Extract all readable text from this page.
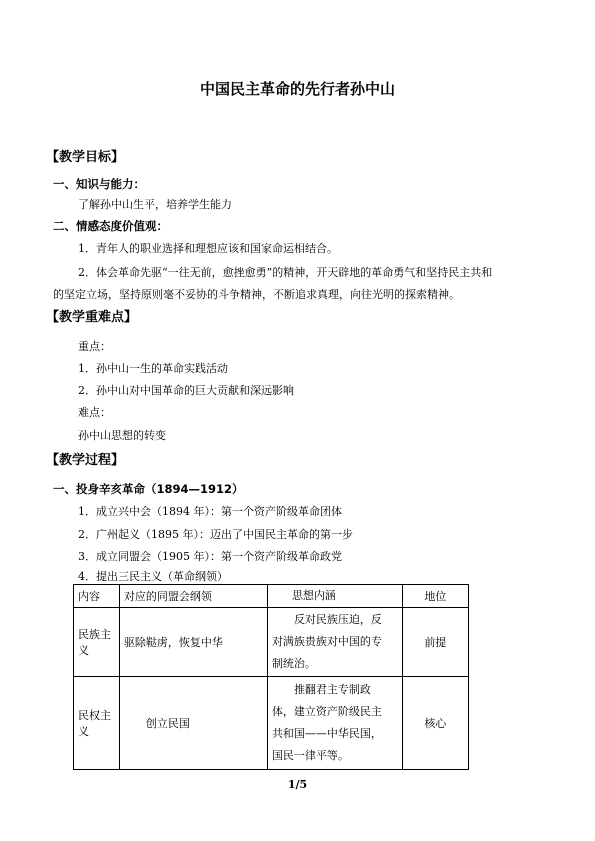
中国民主革命的先行者孙中山
【教学目标】
一、知识与能力：
了解孙中山生平，培养学生能力
二、情感态度价值观：
1．青年人的职业选择和理想应该和国家命运相结合。
2．体会革命先驱“一往无前，愈挫愈勇”的精神，开天辟地的革命勇气和坚持民主共和
的坚定立场，坚持原则毫不妥协的斗争精神，不断追求真理，向往光明的探索精神。
【教学重难点】
重点：
1．孙中山一生的革命实践活动
2．孙中山对中国革命的巨大贡献和深远影响
难点：
孙中山思想的转变
【教学过程】
一、投身辛亥革命（1894—1912）
1．成立兴中会（1894 年）：第一个资产阶级革命团体
2．广州起义（1895 年）：迈出了中国民主革命的第一步
3．成立同盟会（1905 年）：第一个资产阶级革命政党
4．提出三民主义（革命纲领）
内容	对应的同盟会纲领	思想内涵	地位
民族主义	驱除鞑虏，恢复中华	反对民族压迫，反
对满族贵族对中国的专
制统治。	前提
民权主义	创立民国	推翻君主专制政
体，建立资产阶级民主
共和国——中华民国，
国民一律平等。	核心
1/5
